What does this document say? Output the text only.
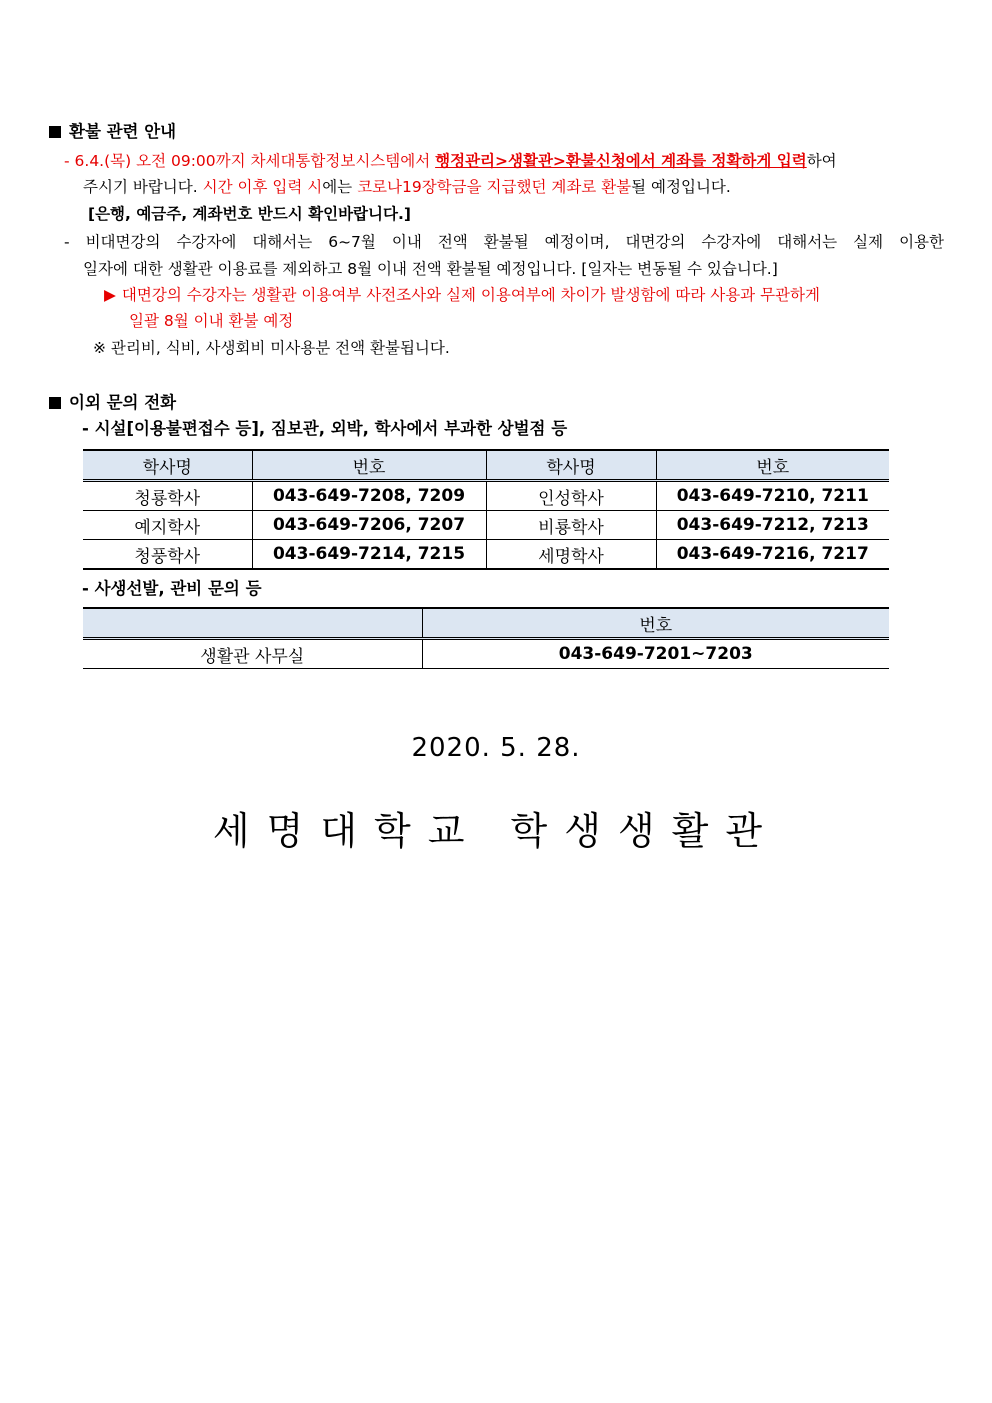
환불 관련 안내
- 6.4.(목) 오전 09:00까지 차세대통합정보시스템에서 행정관리>생활관>환불신청에서 계좌를 정확하게 입력하여
주시기 바랍니다. 시간 이후 입력 시에는 코로나19장학금을 지급했던 계좌로 환불될 예정입니다.
[은행, 예금주, 계좌번호 반드시 확인바랍니다.]
- 비대면강의 수강자에 대해서는 6~7월 이내 전액 환불될 예정이며, 대면강의 수강자에 대해서는 실제 이용한
일자에 대한 생활관 이용료를 제외하고 8월 이내 전액 환불될 예정입니다. [일자는 변동될 수 있습니다.]
▶ 대면강의 수강자는 생활관 이용여부 사전조사와 실제 이용여부에 차이가 발생함에 따라 사용과 무관하게
일괄 8월 이내 환불 예정
※ 관리비, 식비, 사생회비 미사용분 전액 환불됩니다.
이외 문의 전화
- 시설[이용불편접수 등], 짐보관, 외박, 학사에서 부과한 상벌점 등
학사명	번호	학사명	번호
청룡학사	043-649-7208, 7209	인성학사	043-649-7210, 7211
예지학사	043-649-7206, 7207	비룡학사	043-649-7212, 7213
청풍학사	043-649-7214, 7215	세명학사	043-649-7216, 7217
- 사생선발, 관비 문의 등
	번호
생활관 사무실	043-649-7201~7203
2020. 5. 28.
세명대학교 학생생활관
